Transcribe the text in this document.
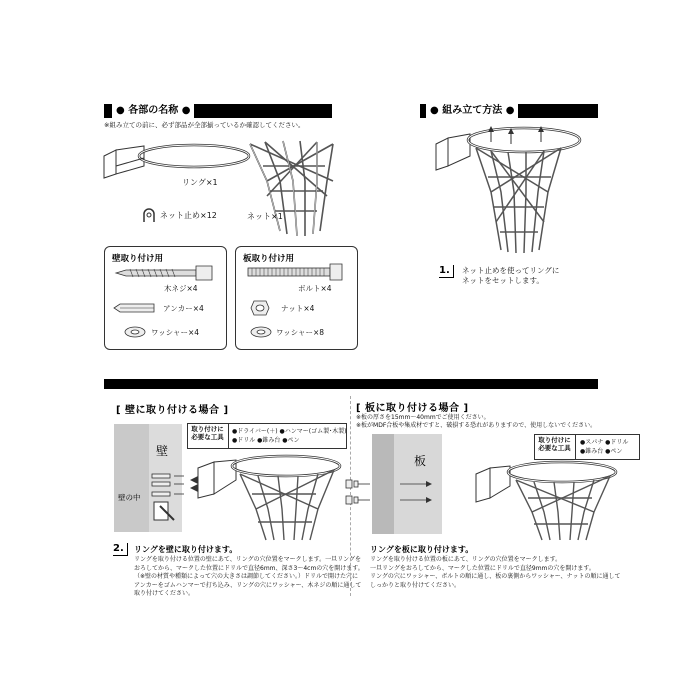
● 各部の名称 ●
※組み立ての前に、必ず部品が全部揃っているか確認してください。
リング×1
ネット×1
ネット止め×12
壁取り付け用
木ネジ×4
アンカー×4
ワッシャー×4
板取り付け用
ボルト×4
ナット×4
ワッシャー×8
● 組み立て方法 ●
1.	ネット止めを使ってリングに
ネットをセットします。
[ 壁に取り付ける場合 ]
壁
壁の中
取り付けに
必要な工具
●ドライバー(＋) ●ハンマー(ゴム製･木製)
●ドリル ●錐み台 ●ペン
2.	リングを壁に取り付けます。
リングを取り付ける位置の壁にあて、リングの穴位置をマークします。一旦リングを
おろしてから、マークした位置にドリルで直径6mm、深さ3〜4cmの穴を開けます。
（※壁の材質や種類によって穴の大きさは調節してください。）ドリルで開けた穴に
アンカーをゴムハンマーで打ち込み、リングの穴にワッシャー、木ネジの順に通して
取り付けてください。
[ 板に取り付ける場合 ]
※板の厚さを15mm〜40mmでご使用ください。
※板がMDF合板や集成材ですと、破損する恐れがありますので、使用しないでください。
板
取り付けに
必要な工具
●スパナ ●ドリル
●錐み台 ●ペン
リングを板に取り付けます。
リングを取り付ける位置の板にあて、リングの穴位置をマークします。
一旦リングをおろしてから、マークした位置にドリルで直径9mmの穴を開けます。
リングの穴にワッシャー、ボルトの順に通し、板の裏側からワッシャー、ナットの順に通して
しっかりと取り付けてください。
